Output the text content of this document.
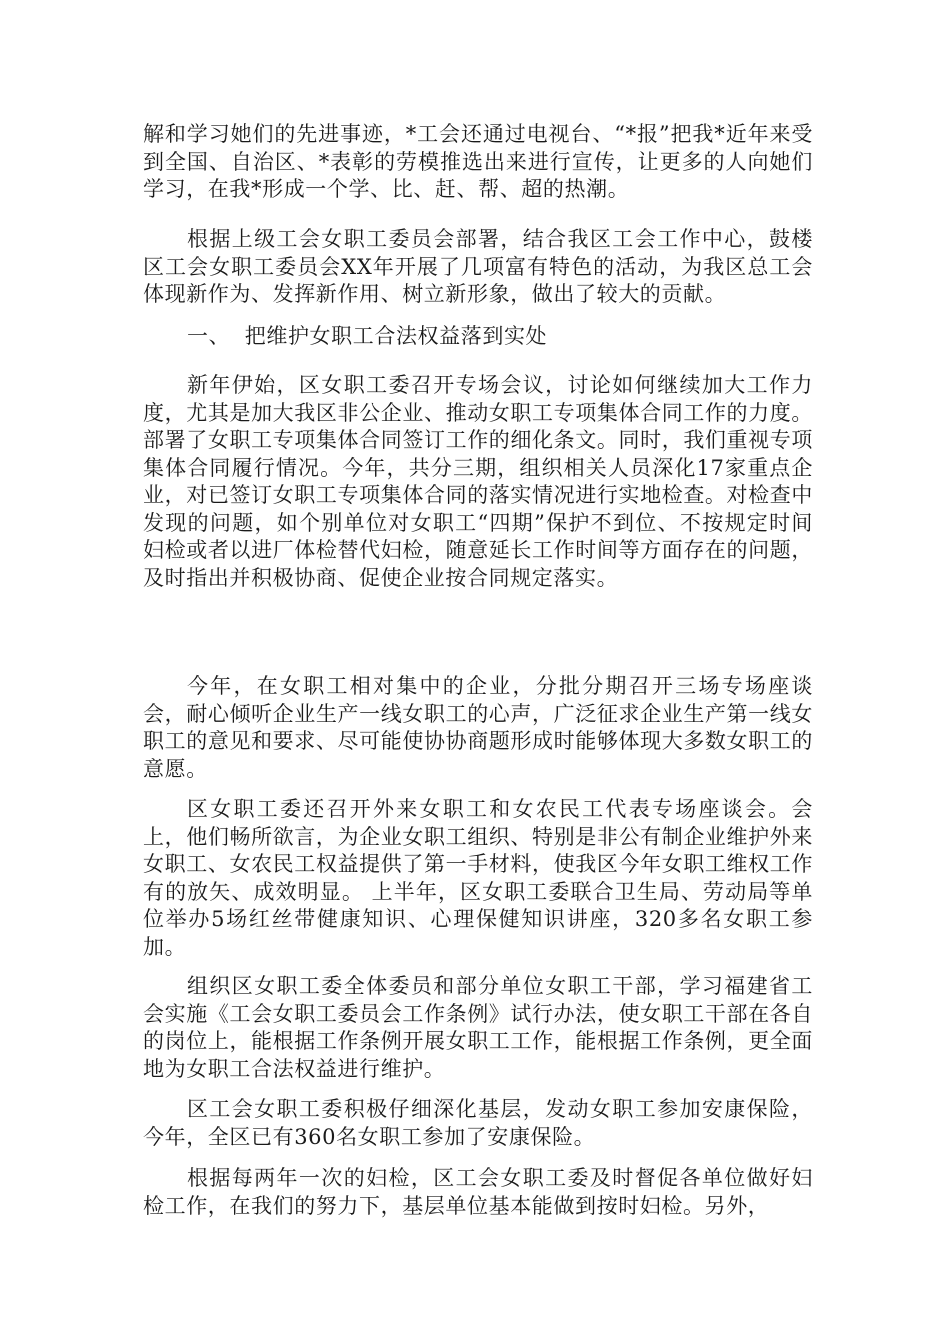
解和学习她们的先进事迹，*工会还通过电视台、“*报”把我*近年来受到全国、自治区、*表彰的劳模推选出来进行宣传，让更多的人向她们学习，在我*形成一个学、比、赶、帮、超的热潮。

根据上级工会女职工委员会部署，结合我区工会工作中心，鼓楼区工会女职工委员会XX年开展了几项富有特色的活动，为我区总工会体现新作为、发挥新作用、树立新形象，做出了较大的贡献。

一、  把维护女职工合法权益落到实处

新年伊始，区女职工委召开专场会议，讨论如何继续加大工作力度，尤其是加大我区非公企业、推动女职工专项集体合同工作的力度。部署了女职工专项集体合同签订工作的细化条文。同时，我们重视专项集体合同履行情况。今年，共分三期，组织相关人员深化17家重点企业，对已签订女职工专项集体合同的落实情况进行实地检查。对检查中发现的问题，如个别单位对女职工“四期”保护不到位、不按规定时间妇检或者以进厂体检替代妇检，随意延长工作时间等方面存在的问题，及时指出并积极协商、促使企业按合同规定落实。

今年，在女职工相对集中的企业，分批分期召开三场专场座谈会，耐心倾听企业生产一线女职工的心声，广泛征求企业生产第一线女职工的意见和要求、尽可能使协协商题形成时能够体现大多数女职工的意愿。

区女职工委还召开外来女职工和女农民工代表专场座谈会。会上，他们畅所欲言，为企业女职工组织、特别是非公有制企业维护外来女职工、女农民工权益提供了第一手材料，使我区今年女职工维权工作有的放矢、成效明显。 上半年，区女职工委联合卫生局、劳动局等单位举办5场红丝带健康知识、心理保健知识讲座，320多名女职工参加。

组织区女职工委全体委员和部分单位女职工干部，学习福建省工会实施《工会女职工委员会工作条例》试行办法，使女职工干部在各自的岗位上，能根据工作条例开展女职工工作，能根据工作条例，更全面地为女职工合法权益进行维护。

区工会女职工委积极仔细深化基层，发动女职工参加安康保险，今年，全区已有360名女职工参加了安康保险。

根据每两年一次的妇检，区工会女职工委及时督促各单位做好妇检工作，在我们的努力下，基层单位基本能做到按时妇检。另外，
